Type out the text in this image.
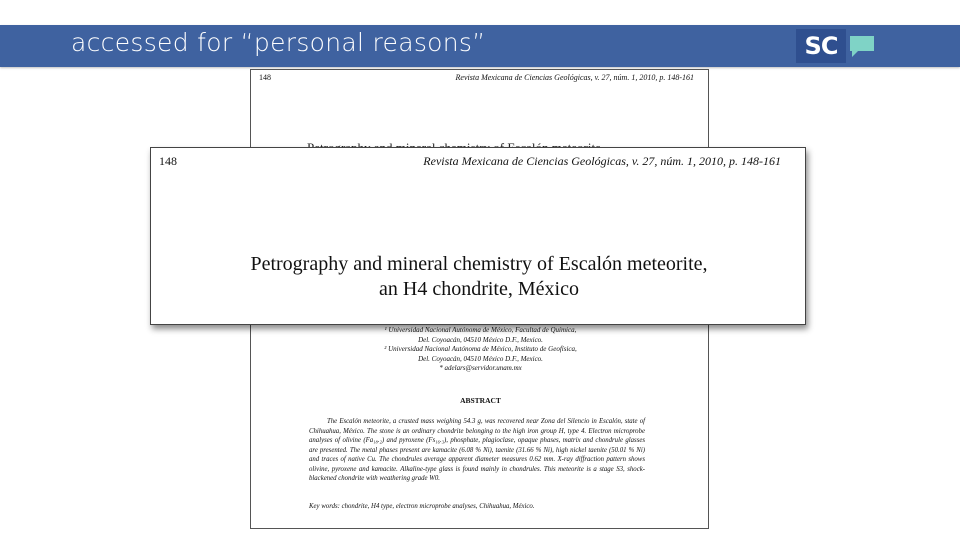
accessed for “personal reasons”	SC
148	Revista Mexicana de Ciencias Geológicas, v. 27, núm. 1, 2010, p. 148-161
¹ Universidad Nacional Autónoma de México, Facultad de Química,
Del. Coyoacán, 04510 México D.F., Mexico.
² Universidad Nacional Autónoma de México, Instituto de Geofísica,
Del. Coyoacán, 04510 México D.F., Mexico.
* adelars@servidor.unam.mx
ABSTRACT
The Escalón meteorite, a crusted mass weighing 54.3 g, was recovered near Zona del Silencio in Escalón, state of Chihuahua, México. The stone is an ordinary chondrite belonging to the high iron group H, type 4. Electron microprobe analyses of olivine (Fa₁₈.₂) and pyroxene (Fs₁₆.₃), phosphate, plagioclase, opaque phases, matrix and chondrule glasses are presented. The metal phases present are kamacite (6.08 % Ni), taenite (31.66 % Ni), high nickel taenite (50.01 % Ni) and traces of native Cu. The chondrules average apparent diameter measures 0.62 mm. X-ray diffraction pattern shows olivine, pyroxene and kamacite. Alkaline-type glass is found mainly in chondrules. This meteorite is a stage S3, shock-blackened chondrite with weathering grade W0.
Key words: chondrite, H4 type, electron microprobe analyses, Chihuahua, México.
148	Revista Mexicana de Ciencias Geológicas, v. 27, núm. 1, 2010, p. 148-161
Petrography and mineral chemistry of Escalón meteorite,
an H4 chondrite, México
